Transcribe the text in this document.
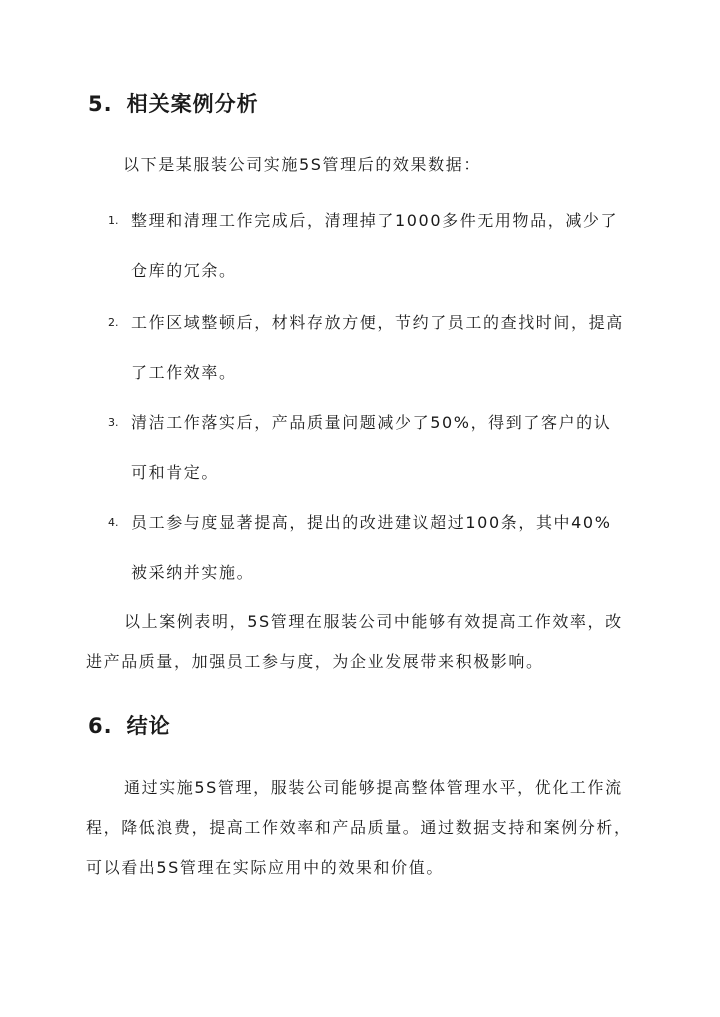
5. 相关案例分析

以下是某服装公司实施5S管理后的效果数据：

1. 整理和清理工作完成后，清理掉了1000多件无用物品，减少了仓库的冗余。
2. 工作区域整顿后，材料存放方便，节约了员工的查找时间，提高了工作效率。
3. 清洁工作落实后，产品质量问题减少了50%，得到了客户的认可和肯定。
4. 员工参与度显著提高，提出的改进建议超过100条，其中40%被采纳并实施。

以上案例表明，5S管理在服装公司中能够有效提高工作效率，改进产品质量，加强员工参与度，为企业发展带来积极影响。

6. 结论

通过实施5S管理，服装公司能够提高整体管理水平，优化工作流程，降低浪费，提高工作效率和产品质量。通过数据支持和案例分析，可以看出5S管理在实际应用中的效果和价值。
